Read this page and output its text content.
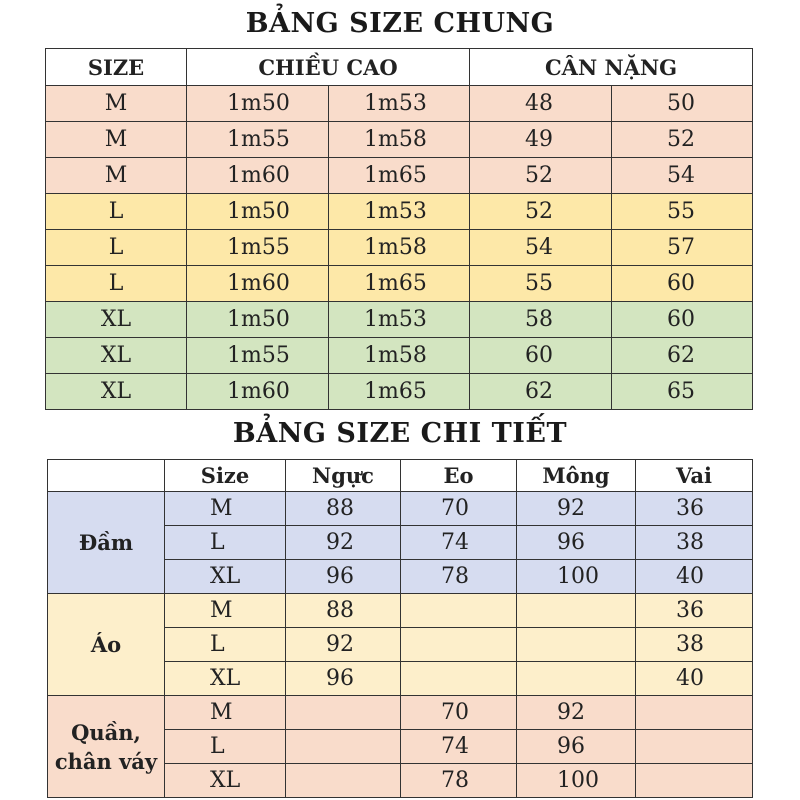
BẢNG SIZE CHUNG
SIZE	CHIỀU CAO		CÂN NẶNG	
M	1m50	1m53	48	50
M	1m55	1m58	49	52
M	1m60	1m65	52	54
L	1m50	1m53	52	55
L	1m55	1m58	54	57
L	1m60	1m65	55	60
XL	1m50	1m53	58	60
XL	1m55	1m58	60	62
XL	1m60	1m65	62	65
BẢNG SIZE CHI TIẾT
	Size	Ngực	Eo	Mông	Vai
Đầm	M	88	70	92	36
	L	92	74	96	38
	XL	96	78	100	40
Áo	M	88			36
	L	92			38
	XL	96			40
Quần, chân váy	M		70	92	
	L		74	96	
	XL		78	100	
